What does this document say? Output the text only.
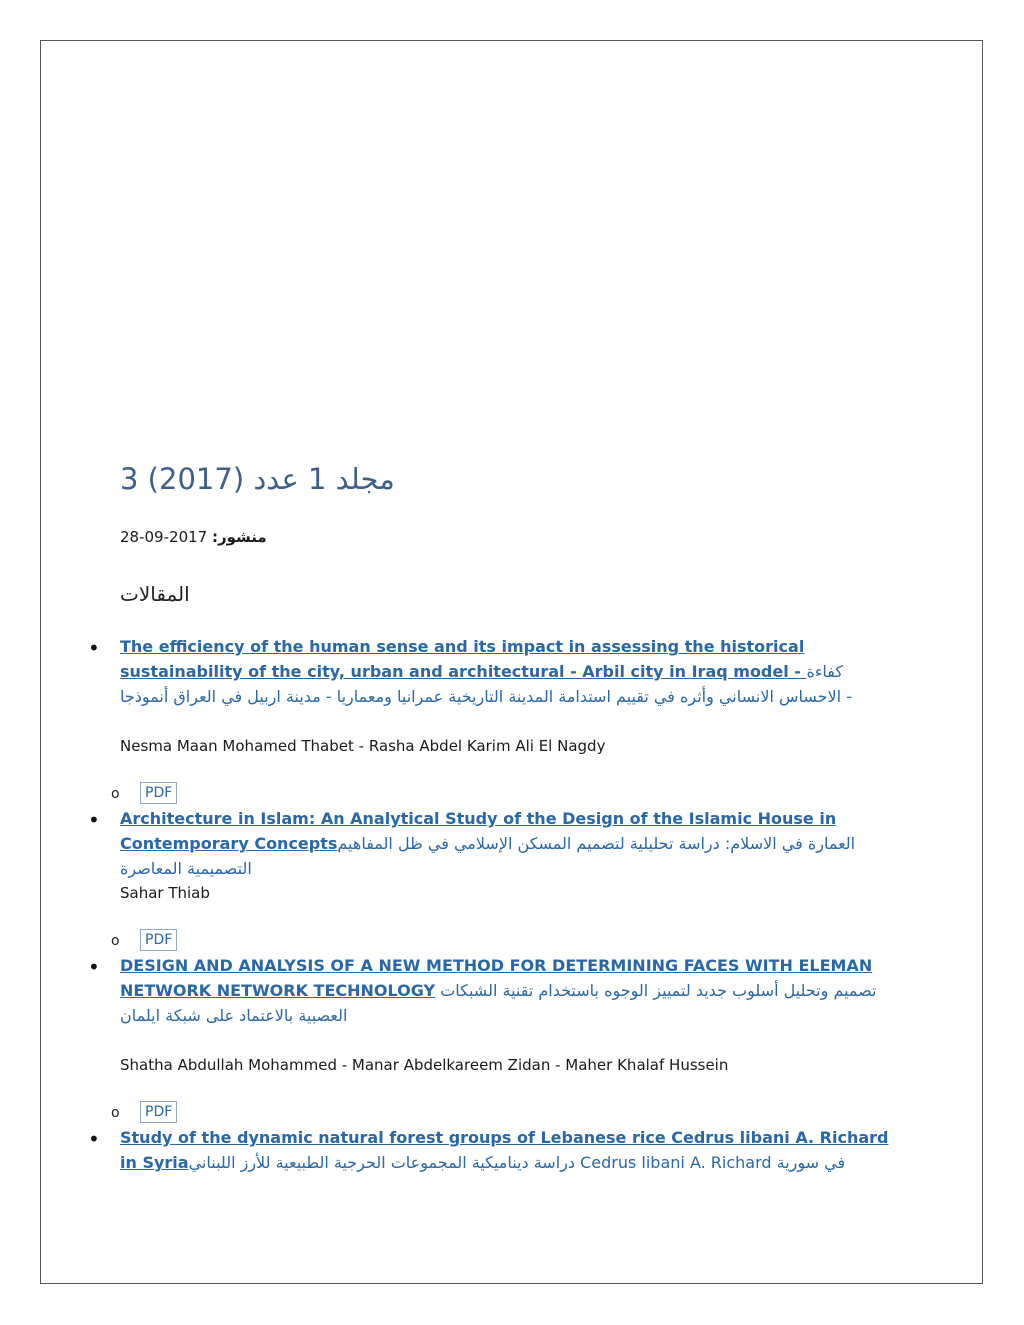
3 مجلد 1 عدد (2017)
منشور: 2017-09-28
المقالات
• The efficiency of the human sense and its impact in assessing the historical sustainability of the city, urban and architectural - Arbil city in Iraq model - كفاءة الاحساس الانساني وأثره في تقييم استدامة المدينة التاريخية عمرانيا ومعماريا - مدينة اربيل في العراق أنموذجا -

Nesma Maan Mohamed Thabet - Rasha Abdel Karim Ali El Nagdy
o	PDF
• Architecture in Islam: An Analytical Study of the Design of the Islamic House in Contemporary Conceptsالعمارة في الاسلام: دراسة تحليلية لتصميم المسكن الإسلامي في ظل المفاهيم التصميمية المعاصرة

Sahar Thiab
o	PDF
• DESIGN AND ANALYSIS OF A NEW METHOD FOR DETERMINING FACES WITH ELEMAN NETWORK NETWORK TECHNOLOGY تصميم وتحليل أسلوب جديد لتمييز الوجوه باستخدام تقنية الشبكات العصبية بالاعتماد على شبكة ايلمان

Shatha Abdullah Mohammed - Manar Abdelkareem Zidan - Maher Khalaf Hussein
o	PDF
• Study of the dynamic natural forest groups of Lebanese rice Cedrus libani A. Richard in Syriaدراسة ديناميكية المجموعات الحرجية الطبيعية للأرز اللبناني Cedrus libani A. Richard في سورية
